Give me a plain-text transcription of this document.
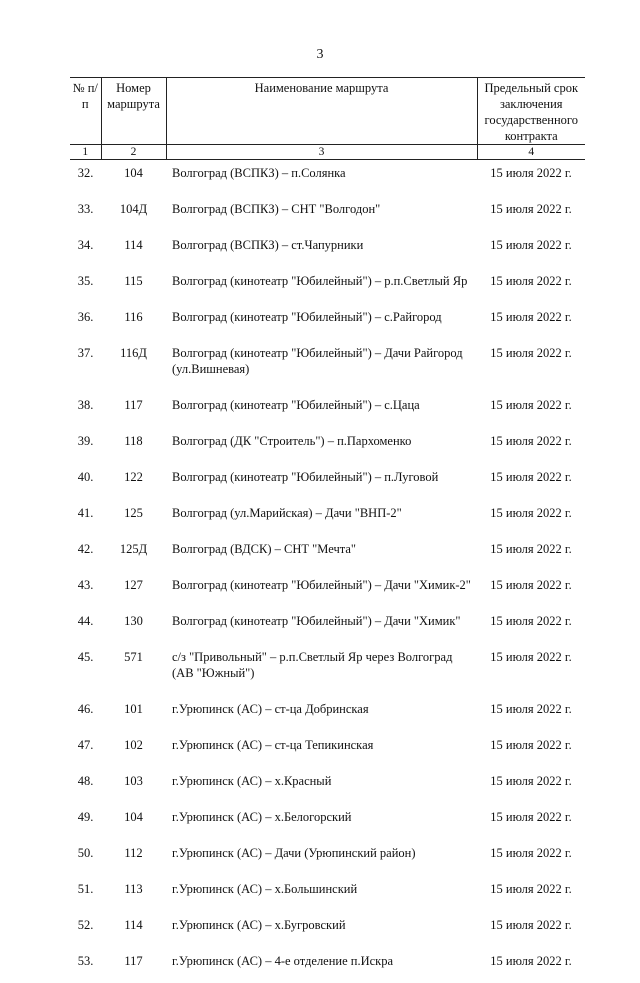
3
№ п/п	Номер маршрута	Наименование маршрута	Предельный срок заключения государственного контракта
1	2	3	4
32.	104	Волгоград (ВСПКЗ) – п.Солянка	15 июля 2022 г.
33.	104Д	Волгоград (ВСПКЗ) – СНТ "Волгодон"	15 июля 2022 г.
34.	114	Волгоград (ВСПКЗ) – ст.Чапурники	15 июля 2022 г.
35.	115	Волгоград (кинотеатр "Юбилейный") – р.п.Светлый Яр	15 июля 2022 г.
36.	116	Волгоград (кинотеатр "Юбилейный") – с.Райгород	15 июля 2022 г.
37.	116Д	Волгоград (кинотеатр "Юбилейный") – Дачи Райгород (ул.Вишневая)	15 июля 2022 г.
38.	117	Волгоград (кинотеатр "Юбилейный") – с.Цаца	15 июля 2022 г.
39.	118	Волгоград (ДК "Строитель") – п.Пархоменко	15 июля 2022 г.
40.	122	Волгоград (кинотеатр "Юбилейный") – п.Луговой	15 июля 2022 г.
41.	125	Волгоград (ул.Марийская) – Дачи "ВНП-2"	15 июля 2022 г.
42.	125Д	Волгоград (ВДСК) – СНТ "Мечта"	15 июля 2022 г.
43.	127	Волгоград (кинотеатр "Юбилейный") – Дачи "Химик-2"	15 июля 2022 г.
44.	130	Волгоград (кинотеатр "Юбилейный") – Дачи "Химик"	15 июля 2022 г.
45.	571	с/з "Привольный" – р.п.Светлый Яр через Волгоград (АВ "Южный")	15 июля 2022 г.
46.	101	г.Урюпинск (АС) – ст-ца Добринская	15 июля 2022 г.
47.	102	г.Урюпинск (АС) – ст-ца Тепикинская	15 июля 2022 г.
48.	103	г.Урюпинск (АС) – х.Красный	15 июля 2022 г.
49.	104	г.Урюпинск (АС) – х.Белогорский	15 июля 2022 г.
50.	112	г.Урюпинск (АС) – Дачи (Урюпинский район)	15 июля 2022 г.
51.	113	г.Урюпинск (АС) – х.Большинский	15 июля 2022 г.
52.	114	г.Урюпинск (АС) – х.Бугровский	15 июля 2022 г.
53.	117	г.Урюпинск (АС) – 4-е отделение п.Искра	15 июля 2022 г.
